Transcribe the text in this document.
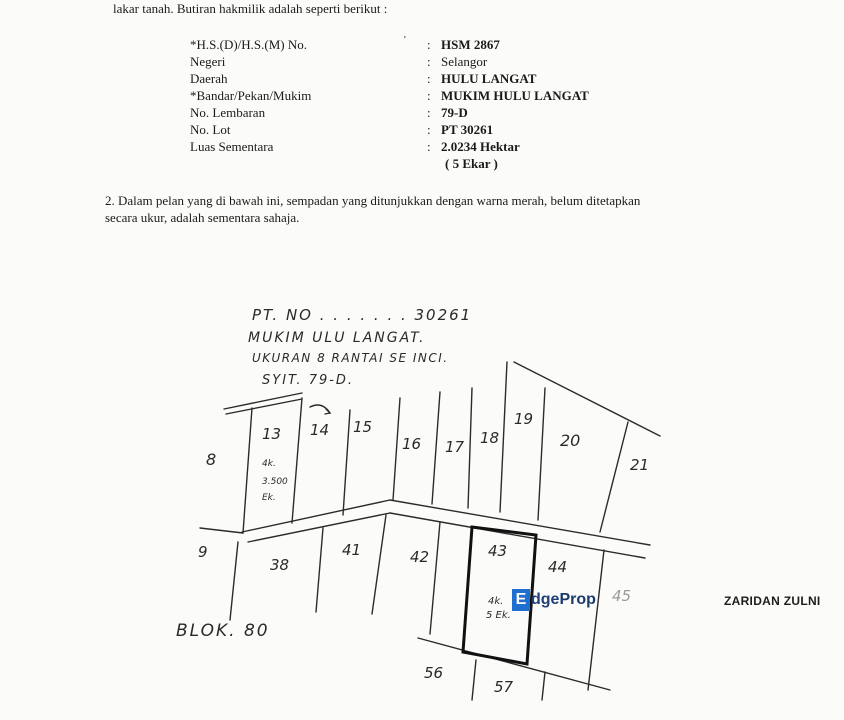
lakar tanah. Butiran hakmilik adalah seperti berikut :
'
*H.S.(D)/H.S.(M) No.	: HSM 2867
Negeri	: Selangor
Daerah	: HULU LANGAT
*Bandar/Pekan/Mukim	: MUKIM HULU LANGAT
No. Lembaran	: 79-D
No. Lot	: PT 30261
Luas Sementara	: 2.0234 Hektar
( 5 Ekar )
2. Dalam pelan yang di bawah ini, sempadan yang ditunjukkan dengan warna merah, belum ditetapkan
secara ukur, adalah sementara sahaja.
PT. NO . . . . . . . 30261
MUKIM ULU LANGAT.
UKURAN 8 RANTAI SE INCI.
SYIT. 79-D.
13 14 15
16 17 18
19
20
21
8
9
38
41	42	43
44
45
56
57
4k.
3.500
Ek.
4k.
5 Ek.
BLOK. 80
E dge Prop	ZARIDAN ZULNI
